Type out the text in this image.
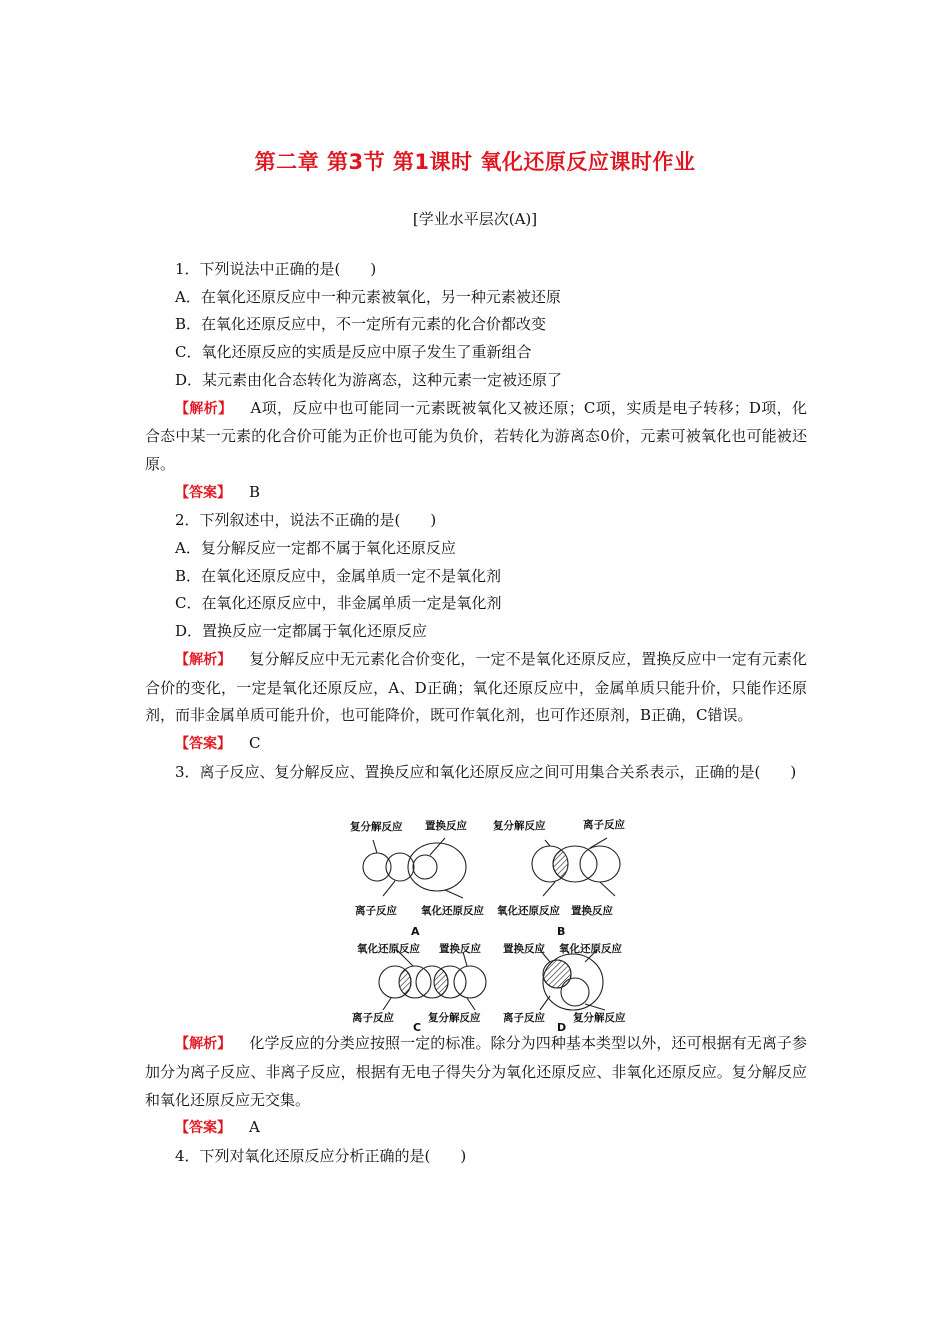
第二章 第3节 第1课时 氧化还原反应课时作业
[学业水平层次(A)]

1．下列说法中正确的是(　　)

A．在氧化还原反应中一种元素被氧化，另一种元素被还原

B．在氧化还原反应中，不一定所有元素的化合价都改变

C．氧化还原反应的实质是反应中原子发生了重新组合

D．某元素由化合态转化为游离态，这种元素一定被还原了

【解析】 A项，反应中也可能同一元素既被氧化又被还原；C项，实质是电子转移；D项，化合态中某一元素的化合价可能为正价也可能为负价，若转化为游离态0价，元素可被氧化也可能被还原。

【答案】 B

2．下列叙述中，说法不正确的是(　　)

A．复分解反应一定都不属于氧化还原反应

B．在氧化还原反应中，金属单质一定不是氧化剂

C．在氧化还原反应中，非金属单质一定是氧化剂

D．置换反应一定都属于氧化还原反应

【解析】 复分解反应中无元素化合价变化，一定不是氧化还原反应，置换反应中一定有元素化合价的变化，一定是氧化还原反应，A、D正确；氧化还原反应中，金属单质只能升价，只能作还原剂，而非金属单质可能升价，也可能降价，既可作氧化剂，也可作还原剂，B正确，C错误。

【答案】 C

3．离子反应、复分解反应、置换反应和氧化还原反应之间可用集合关系表示，正确的是(　　)

复分解反应 置换反应
离子反应 氧化还原反应
A
复分解反应	离子反应
氧化还原反应 置换反应
B
氧化还原反应 置换反应
离子反应	复分解反应
置换反应 氧化还原反应
离子反应	复分解反应
C	D

【解析】 化学反应的分类应按照一定的标准。除分为四种基本类型以外，还可根据有无离子参加分为离子反应、非离子反应，根据有无电子得失分为氧化还原反应、非氧化还原反应。复分解反应和氧化还原反应无交集。

【答案】 A

4．下列对氧化还原反应分析正确的是(　　)
